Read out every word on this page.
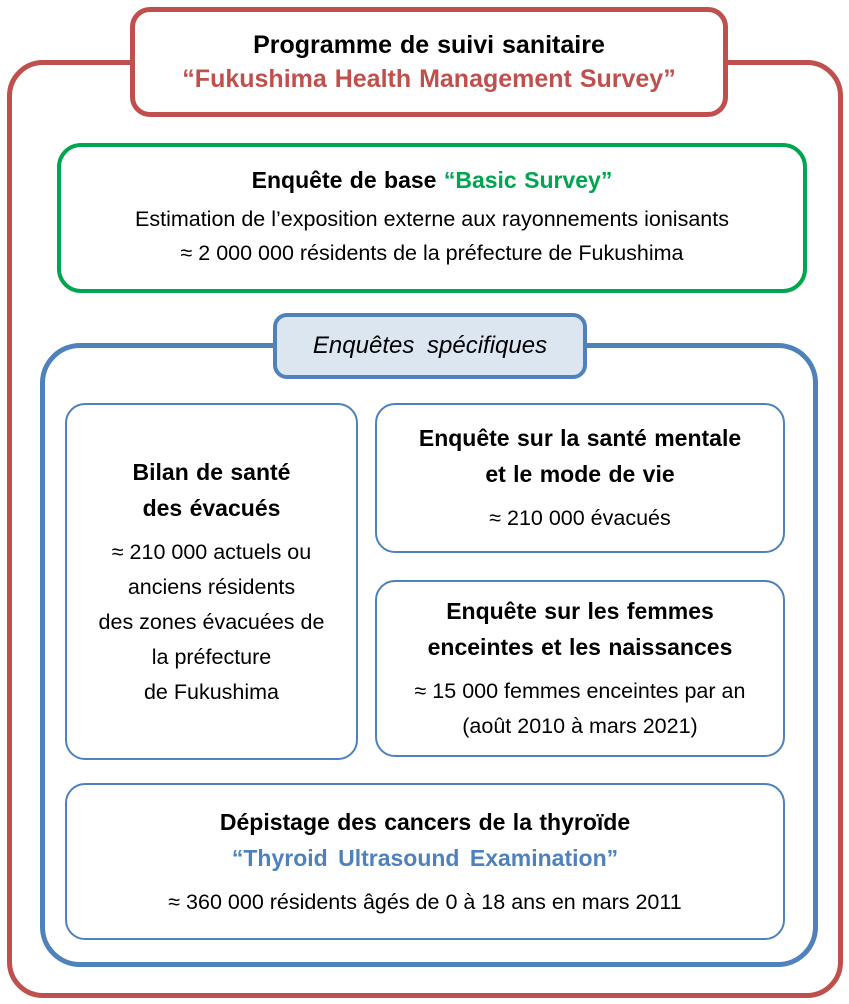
Programme de suivi sanitaire
“Fukushima Health Management Survey”
Enquête de base “Basic Survey”
Estimation de l’exposition externe aux rayonnements ionisants
≈ 2 000 000 résidents de la préfecture de Fukushima
Enquêtes spécifiques
Bilan de santé
des évacués
≈ 210 000 actuels ou
anciens résidents
des zones évacuées de
la préfecture
de Fukushima
Enquête sur la santé mentale
et le mode de vie
≈ 210 000 évacués
Enquête sur les femmes
enceintes et les naissances
≈ 15 000 femmes enceintes par an
(août 2010 à mars 2021)
Dépistage des cancers de la thyroïde
“Thyroid Ultrasound Examination”
≈ 360 000 résidents âgés de 0 à 18 ans en mars 2011
